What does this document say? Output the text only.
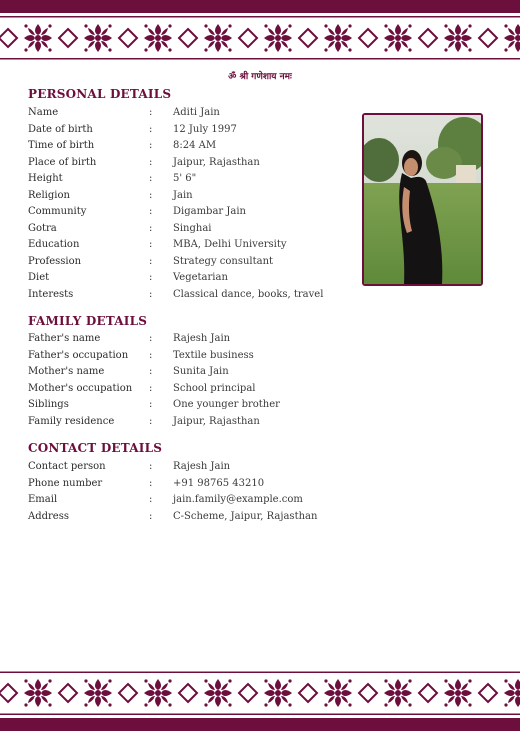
ॐ श्री गणेशाय नमः
PERSONAL DETAILS
Name	: Aditi Jain
Date of birth	: 12 July 1997
Time of birth	: 8:24 AM
Place of birth	: Jaipur, Rajasthan
Height	: 5' 6"
Religion	: Jain
Community	: Digambar Jain
Gotra	: Singhai
Education	: MBA, Delhi University
Profession	: Strategy consultant
Diet	: Vegetarian
Interests	: Classical dance, books, travel
FAMILY DETAILS
Father's name	: Rajesh Jain
Father's occupation : Textile business
Mother's name	: Sunita Jain
Mother's occupation : School principal
Siblings	: One younger brother
Family residence	: Jaipur, Rajasthan
CONTACT DETAILS
Contact person	: Rajesh Jain
Phone number	: +91 98765 43210
Email	: jain.family@example.com
Address	: C-Scheme, Jaipur, Rajasthan
